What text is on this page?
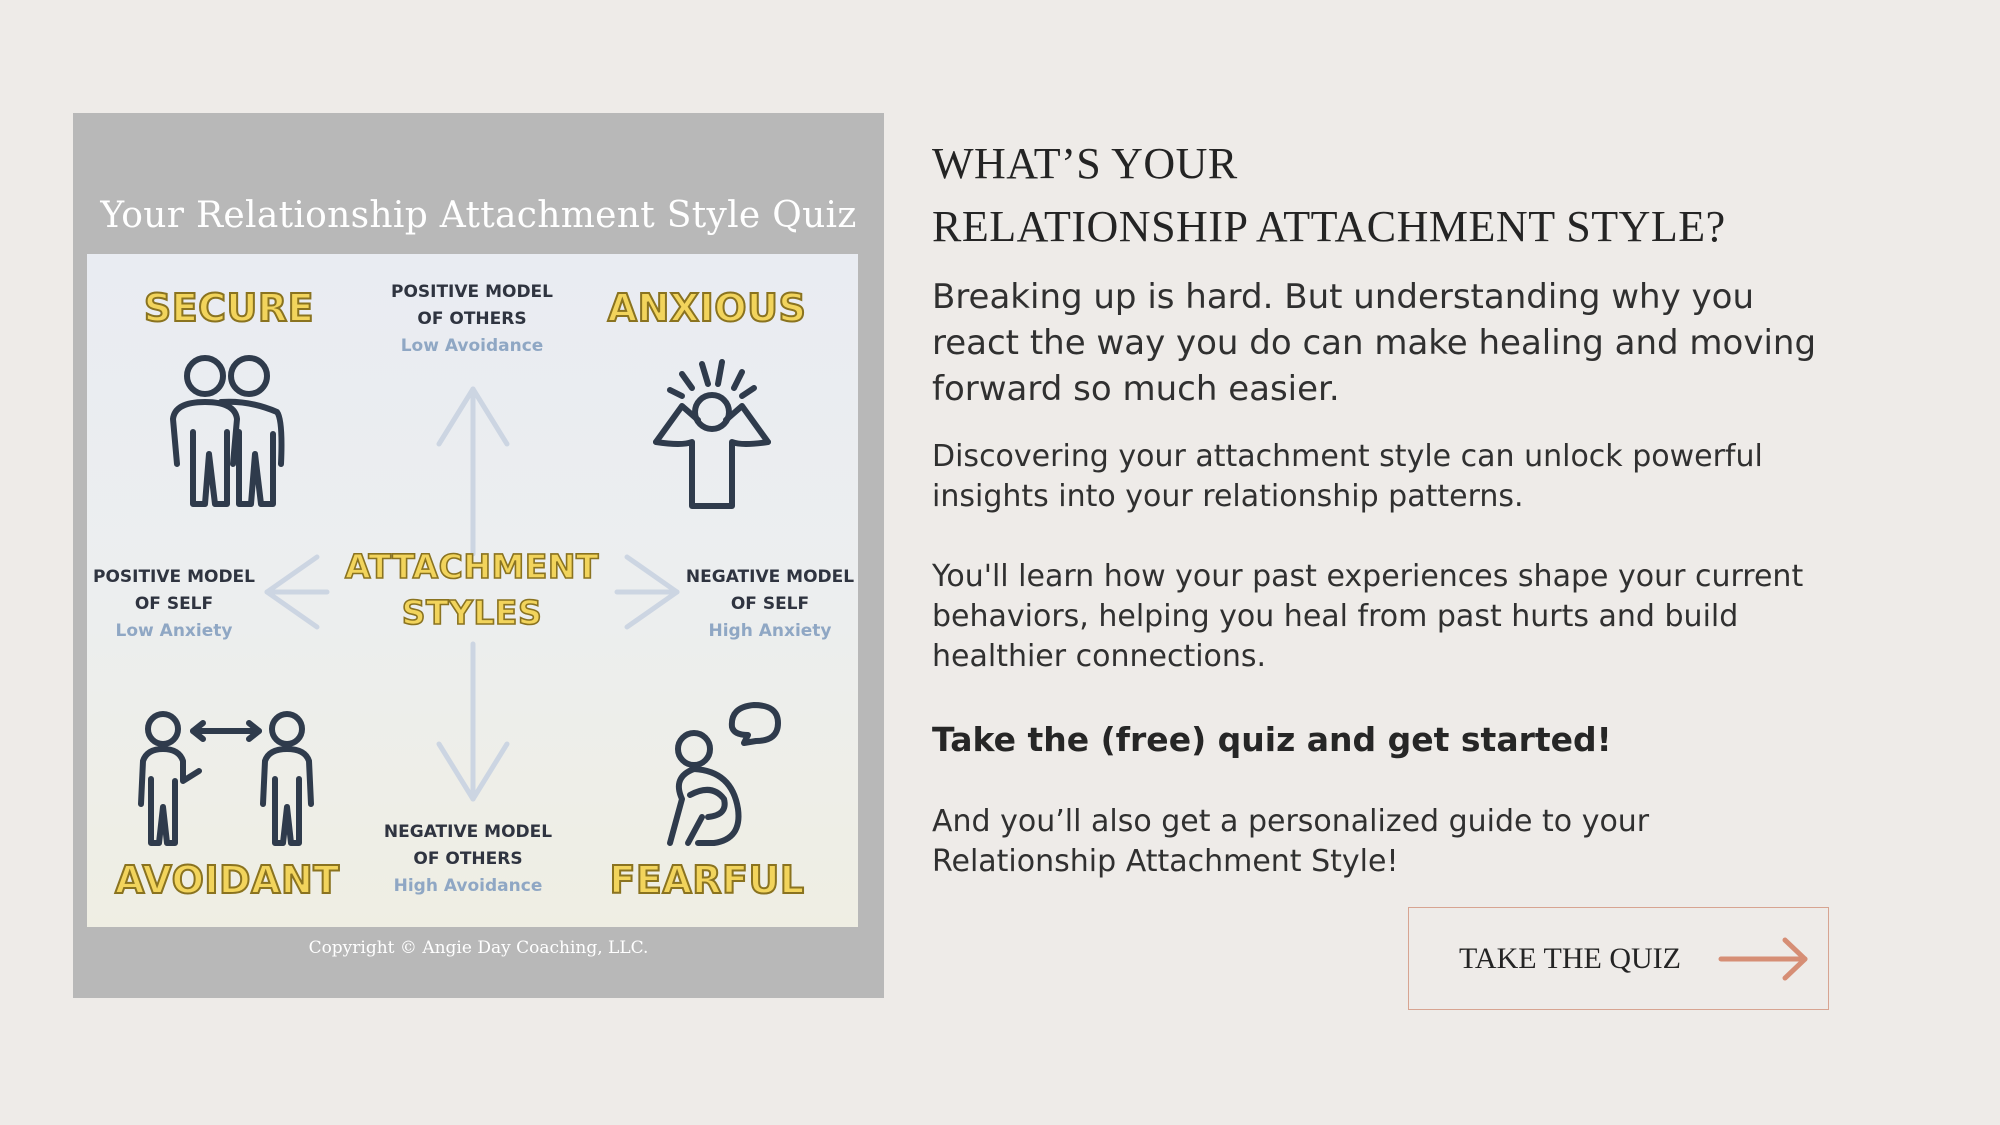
Your Relationship Attachment Style Quiz
SECURE	ANXIOUS
AVOIDANT	FEARFUL
ATTACHMENT
STYLES
POSITIVE MODEL
OF OTHERS
Low Avoidance
NEGATIVE MODEL
OF OTHERS
High Avoidance
POSITIVE MODEL
OF SELF
Low Anxiety
NEGATIVE MODEL
OF SELF
High Anxiety
Copyright © Angie Day Coaching, LLC.
WHAT’S YOUR
RELATIONSHIP ATTACHMENT STYLE?
Breaking up is hard. But understanding why you react the way you do can make healing and moving forward so much easier.
Discovering your attachment style can unlock powerful insights into your relationship patterns.
You'll learn how your past experiences shape your current behaviors, helping you heal from past hurts and build healthier connections.
Take the (free) quiz and get started!
And you’ll also get a personalized guide to your Relationship Attachment Style!
TAKE THE QUIZ
